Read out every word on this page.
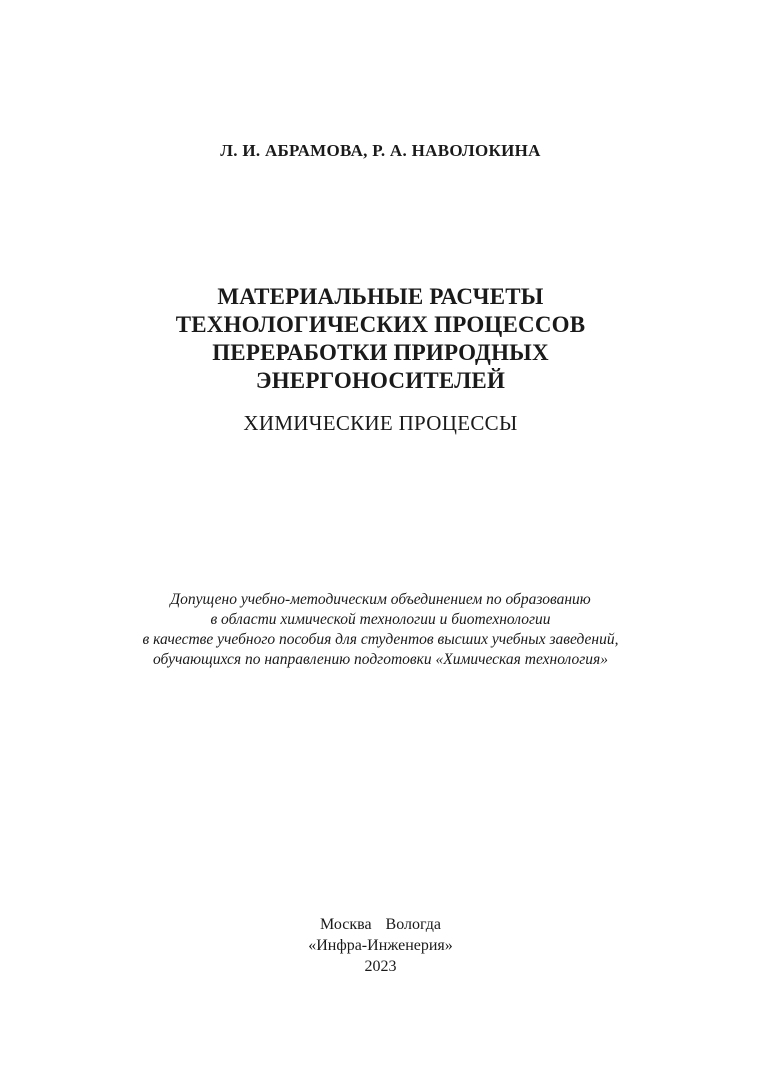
Л. И. АБРАМОВА, Р. А. НАВОЛОКИНА
МАТЕРИАЛЬНЫЕ РАСЧЕТЫ
ТЕХНОЛОГИЧЕСКИХ ПРОЦЕССОВ
ПЕРЕРАБОТКИ ПРИРОДНЫХ
ЭНЕРГОНОСИТЕЛЕЙ
ХИМИЧЕСКИЕ ПРОЦЕССЫ
Допущено учебно-методическим объединением по образованию
в области химической технологии и биотехнологии
в качестве учебного пособия для студентов высших учебных заведений,
обучающихся по направлению подготовки «Химическая технология»
Москва Вологда
«Инфра-Инженерия»
2023
